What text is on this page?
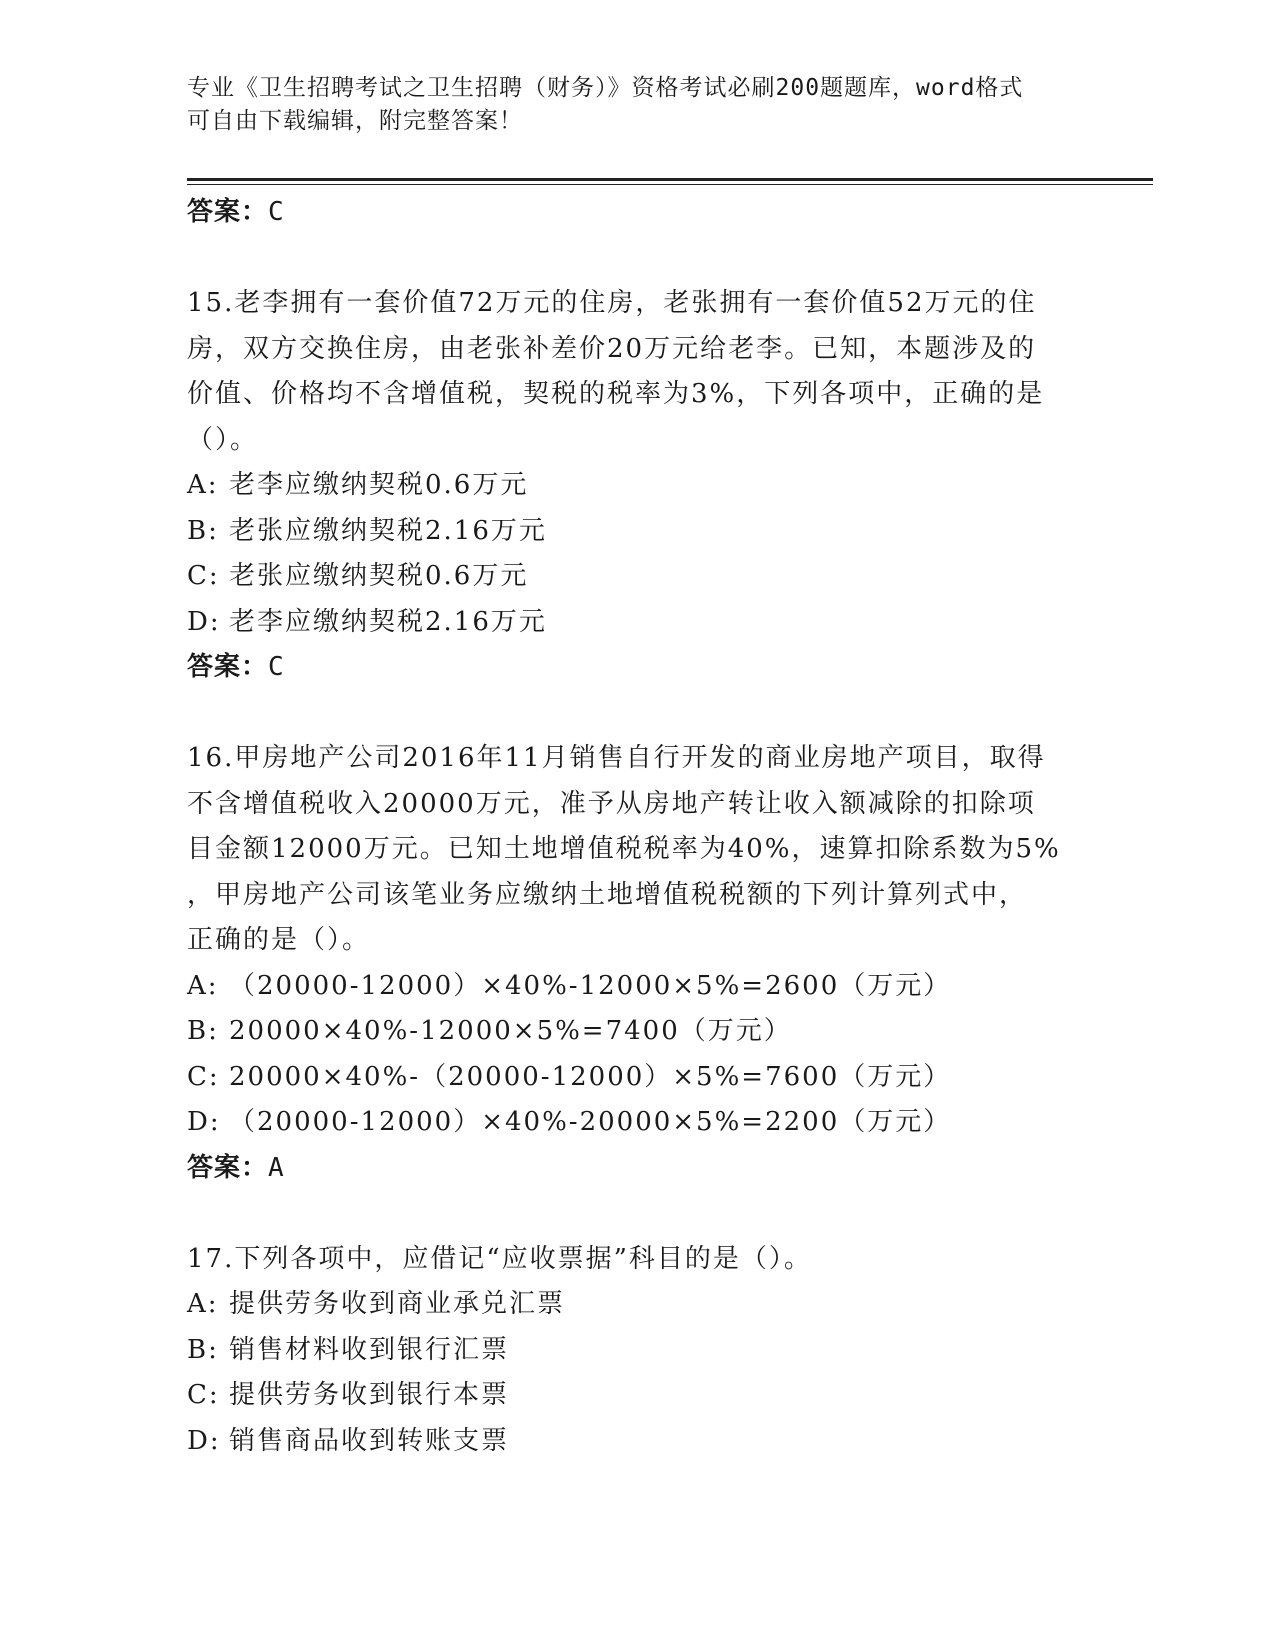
专业《卫生招聘考试之卫生招聘（财务）》资格考试必刷200题题库，word格式
可自由下载编辑，附完整答案！
答案：C
15.老李拥有一套价值72万元的住房，老张拥有一套价值52万元的住
房，双方交换住房，由老张补差价20万元给老李。已知，本题涉及的
价值、价格均不含增值税，契税的税率为3%，下列各项中，正确的是
（）。
A: 老李应缴纳契税0.6万元
B: 老张应缴纳契税2.16万元
C: 老张应缴纳契税0.6万元
D: 老李应缴纳契税2.16万元
答案：C
16.甲房地产公司2016年11月销售自行开发的商业房地产项目，取得
不含增值税收入20000万元，准予从房地产转让收入额减除的扣除项
目金额12000万元。已知土地增值税税率为40%，速算扣除系数为5%
，甲房地产公司该笔业务应缴纳土地增值税税额的下列计算列式中，
正确的是（）。
A: （20000-12000）×40%-12000×5%=2600（万元）
B: 20000×40%-12000×5%=7400（万元）
C: 20000×40%-（20000-12000）×5%=7600（万元）
D: （20000-12000）×40%-20000×5%=2200（万元）
答案：A
17.下列各项中，应借记“应收票据”科目的是（）。
A: 提供劳务收到商业承兑汇票
B: 销售材料收到银行汇票
C: 提供劳务收到银行本票
D: 销售商品收到转账支票
